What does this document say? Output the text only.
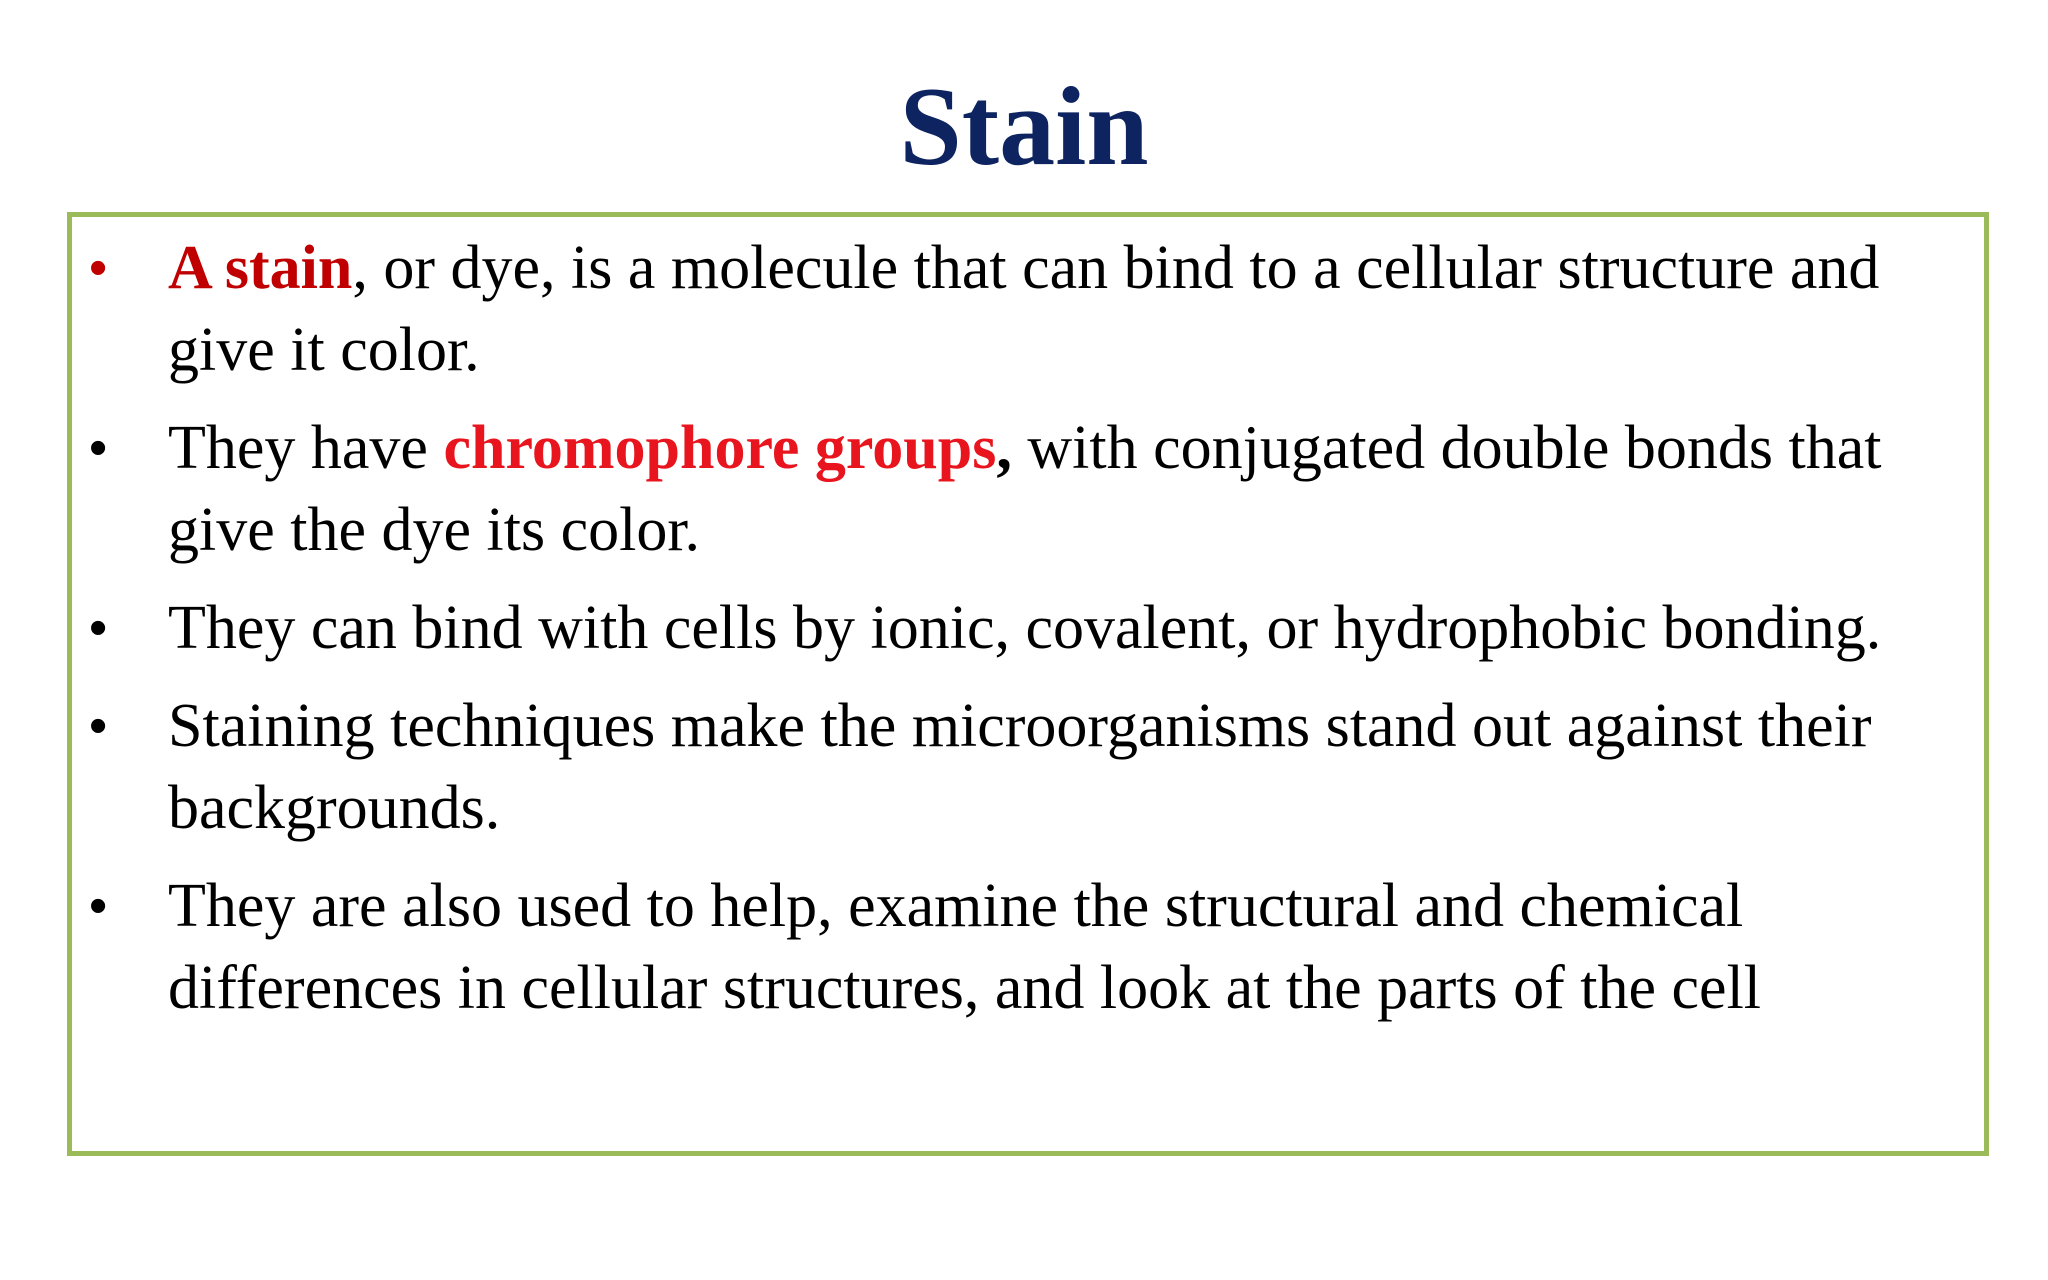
Stain
• A stain, or dye, is a molecule that can bind to a cellular structure and give it color.
• They have chromophore groups, with conjugated double bonds that give the dye its color.
• They can bind with cells by ionic, covalent, or hydrophobic bonding.
• Staining techniques make the microorganisms stand out against their backgrounds.
• They are also used to help, examine the structural and chemical differences in cellular structures, and look at the parts of the cell
